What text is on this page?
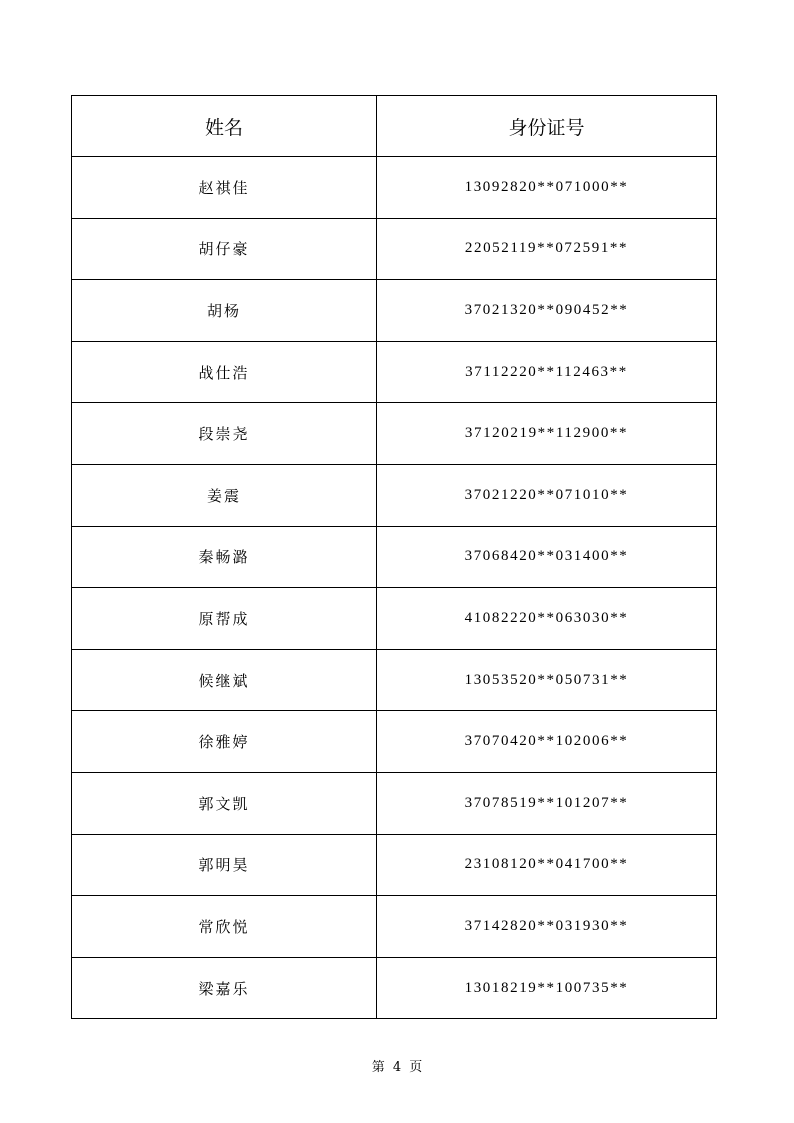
姓名	身份证号
赵祺佳	13092820**071000**
胡仔豪	22052119**072591**
胡杨	37021320**090452**
战仕浩	37112220**112463**
段崇尧	37120219**112900**
姜震	37021220**071010**
秦畅潞	37068420**031400**
原帮成	41082220**063030**
候继斌	13053520**050731**
徐雅婷	37070420**102006**
郭文凯	37078519**101207**
郭明昊	23108120**041700**
常欣悦	37142820**031930**
梁嘉乐	13018219**100735**
第 4 页
